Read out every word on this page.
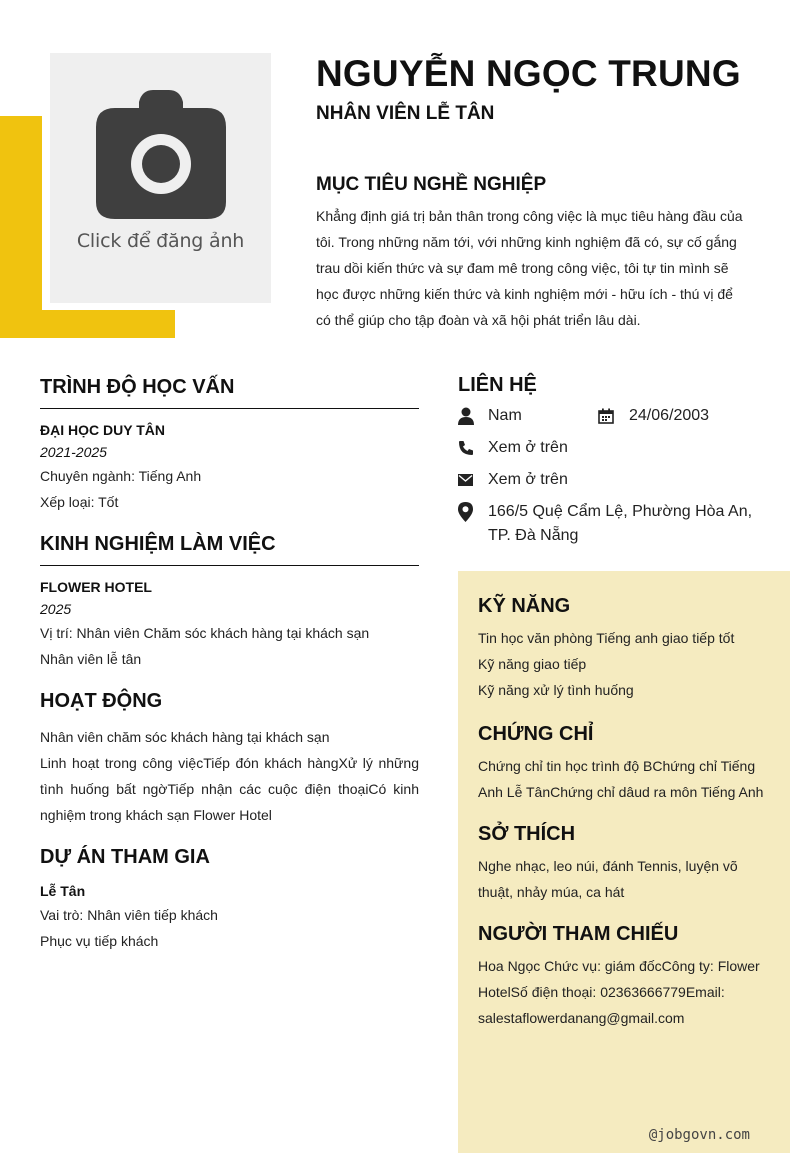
Click để đăng ảnh
NGUYỄN NGỌC TRUNG
NHÂN VIÊN LỄ TÂN
MỤC TIÊU NGHỀ NGHIỆP
Khẳng định giá trị bản thân trong công việc là mục tiêu hàng đầu của tôi. Trong những năm tới, với những kinh nghiệm đã có, sự cố gắng trau dồi kiến thức và sự đam mê trong công việc, tôi tự tin mình sẽ học được những kiến thức và kinh nghiệm mới - hữu ích - thú vị để có thể giúp cho tập đoàn và xã hội phát triển lâu dài.
TRÌNH ĐỘ HỌC VẤN
ĐẠI HỌC DUY TÂN
2021-2025
Chuyên ngành: Tiếng Anh
Xếp loại: Tốt
KINH NGHIỆM LÀM VIỆC
FLOWER HOTEL
2025
Vị trí: Nhân viên Chăm sóc khách hàng tại khách sạn
Nhân viên lễ tân
HOẠT ĐỘNG
Nhân viên chăm sóc khách hàng tại khách sạn
Linh hoạt trong công việcTiếp đón khách hàngXử lý những tình huống bất ngờTiếp nhận các cuộc điện thoạiCó kinh nghiệm trong khách sạn Flower Hotel
DỰ ÁN THAM GIA
Lễ Tân
Vai trò: Nhân viên tiếp khách
Phục vụ tiếp khách
LIÊN HỆ
Nam	24/06/2003
Xem ở trên
Xem ở trên
166/5 Quệ Cẩm Lệ, Phường Hòa An, TP. Đà Nẵng
KỸ NĂNG
Tin học văn phòng Tiếng anh giao tiếp tốt
Kỹ năng giao tiếp
Kỹ năng xử lý tình huống
CHỨNG CHỈ
Chứng chỉ tin học trình độ BChứng chỉ Tiếng Anh Lễ TânChứng chỉ dâud ra môn Tiếng Anh
SỞ THÍCH
Nghe nhạc, leo núi, đánh Tennis, luyện võ thuật, nhảy múa, ca hát
NGƯỜI THAM CHIẾU
Hoa Ngọc Chức vụ: giám đốcCông ty: Flower HotelSố điện thoại: 02363666779Email: salestaflowerdanang@gmail.com
@jobgovn.com
